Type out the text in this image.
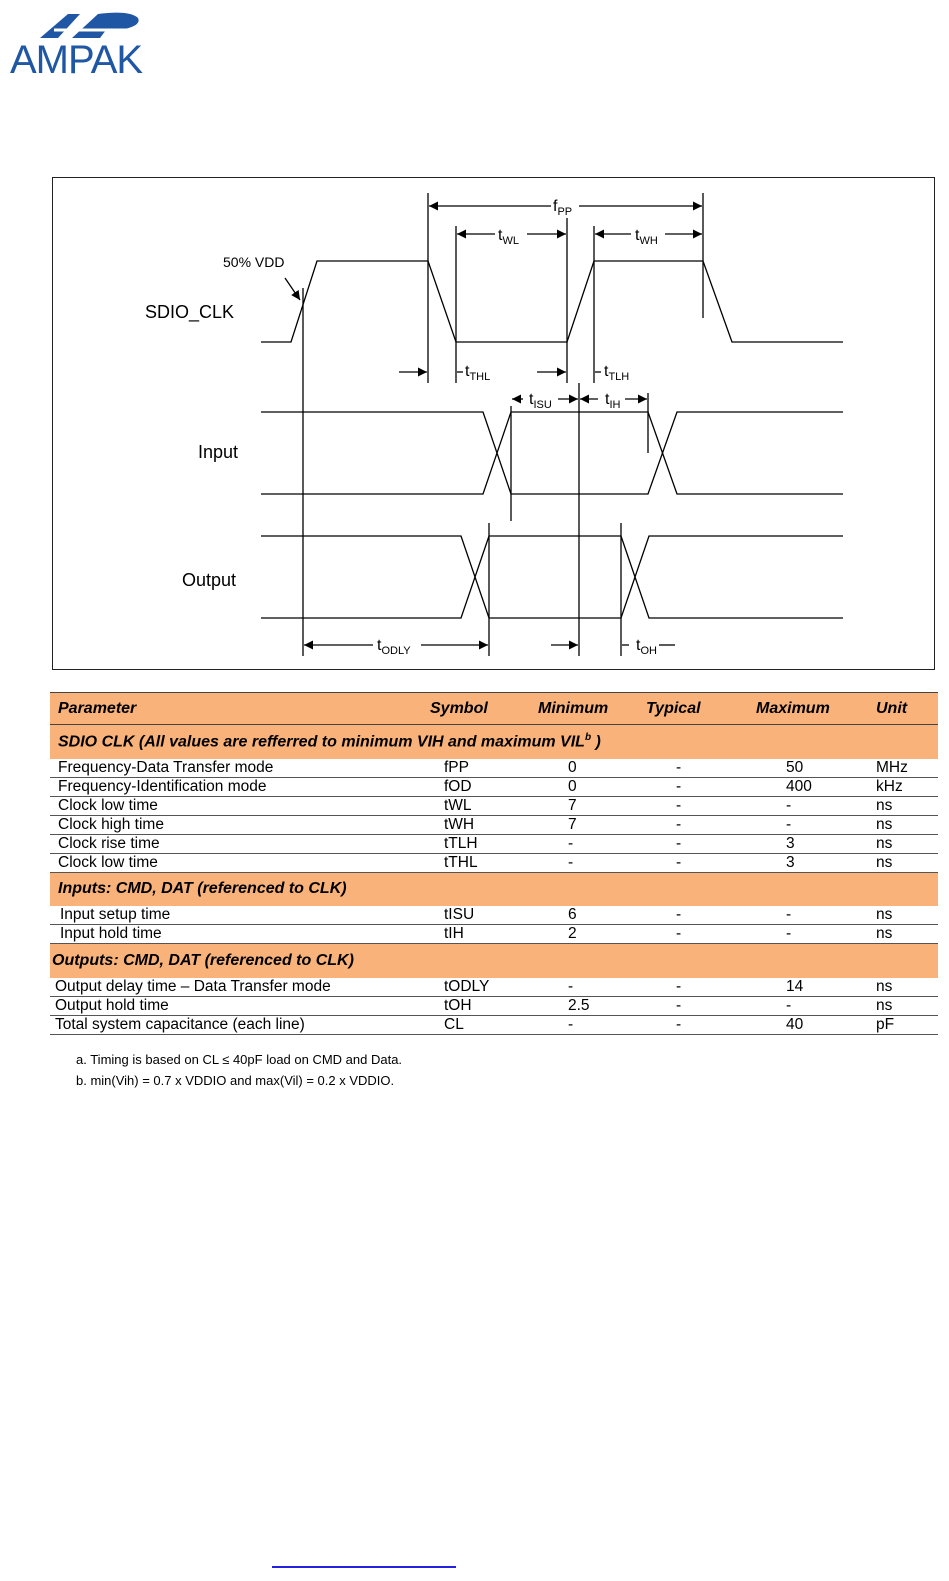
AMPAK
50% VDD
SDIO_CLK
Input
Output
$f_{PP}$
$t_{WL}$	$t_{WH}$
$t_{THL}$	$t_{TLH}$
$t_{ISU}$	$t_{IH}$
$t_{ODLY}$	$t_{OH}$
Parameter	Symbol	Minimum	Typical	Maximum	Unit
SDIO CLK (All values are refferred to minimum VIH and maximum VIL$^b$ )					
Frequency-Data Transfer mode	fPP	0	-	50	MHz
Frequency-Identification mode	fOD	0	-	400	kHz
Clock low time	tWL	7	-	-	ns
Clock high time	tWH	7	-	-	ns
Clock rise time	tTLH	-	-	3	ns
Clock low time	tTHL	-	-	3	ns
Inputs: CMD, DAT (referenced to CLK)					
Input setup time	tISU	6	-	-	ns
Input hold time	tIH	2	-	-	ns
Outputs: CMD, DAT (referenced to CLK)					
Output delay time – Data Transfer mode	tODLY	-	-	14	ns
Output hold time	tOH	2.5	-	-	ns
Total system capacitance (each line)	CL	-	-	40	pF
a. Timing is based on CL ≤ 40pF load on CMD and Data.
b. min(Vih) = 0.7 x VDDIO and max(Vil) = 0.2 x VDDIO.
